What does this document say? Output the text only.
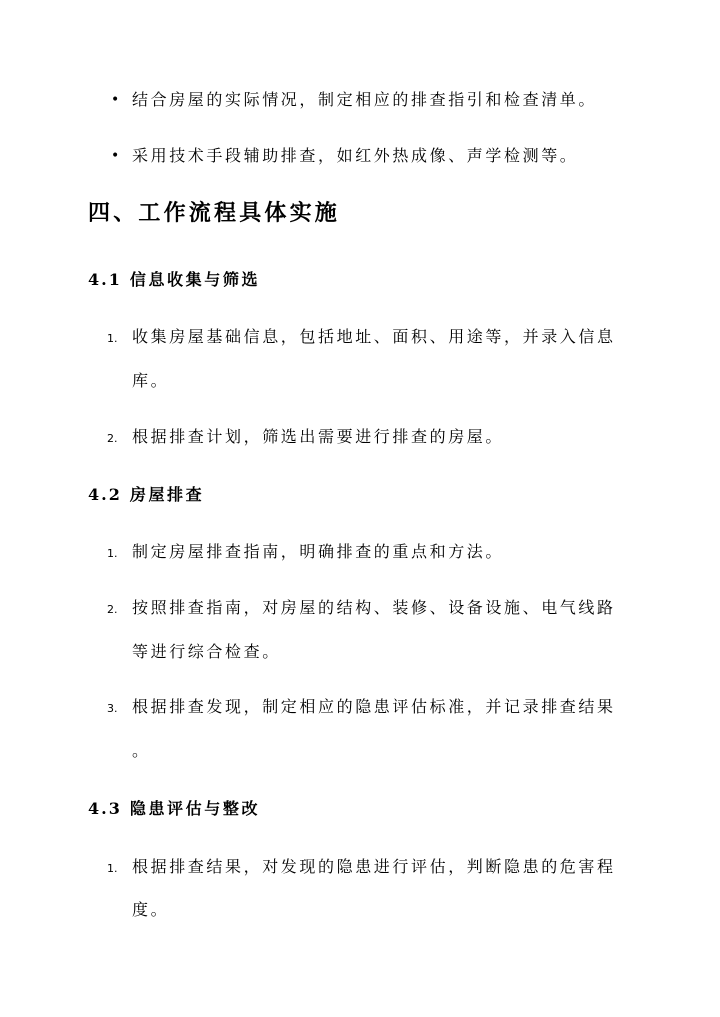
• 结合房屋的实际情况，制定相应的排查指引和检查清单。
• 采用技术手段辅助排查，如红外热成像、声学检测等。
四、工作流程具体实施
4.1 信息收集与筛选
1. 收集房屋基础信息，包括地址、面积、用途等，并录入信息
库。
2. 根据排查计划，筛选出需要进行排查的房屋。
4.2 房屋排查
1. 制定房屋排查指南，明确排查的重点和方法。
2. 按照排查指南，对房屋的结构、装修、设备设施、电气线路
等进行综合检查。
3. 根据排查发现，制定相应的隐患评估标准，并记录排查结果
。
4.3 隐患评估与整改
1. 根据排查结果，对发现的隐患进行评估，判断隐患的危害程
度。
